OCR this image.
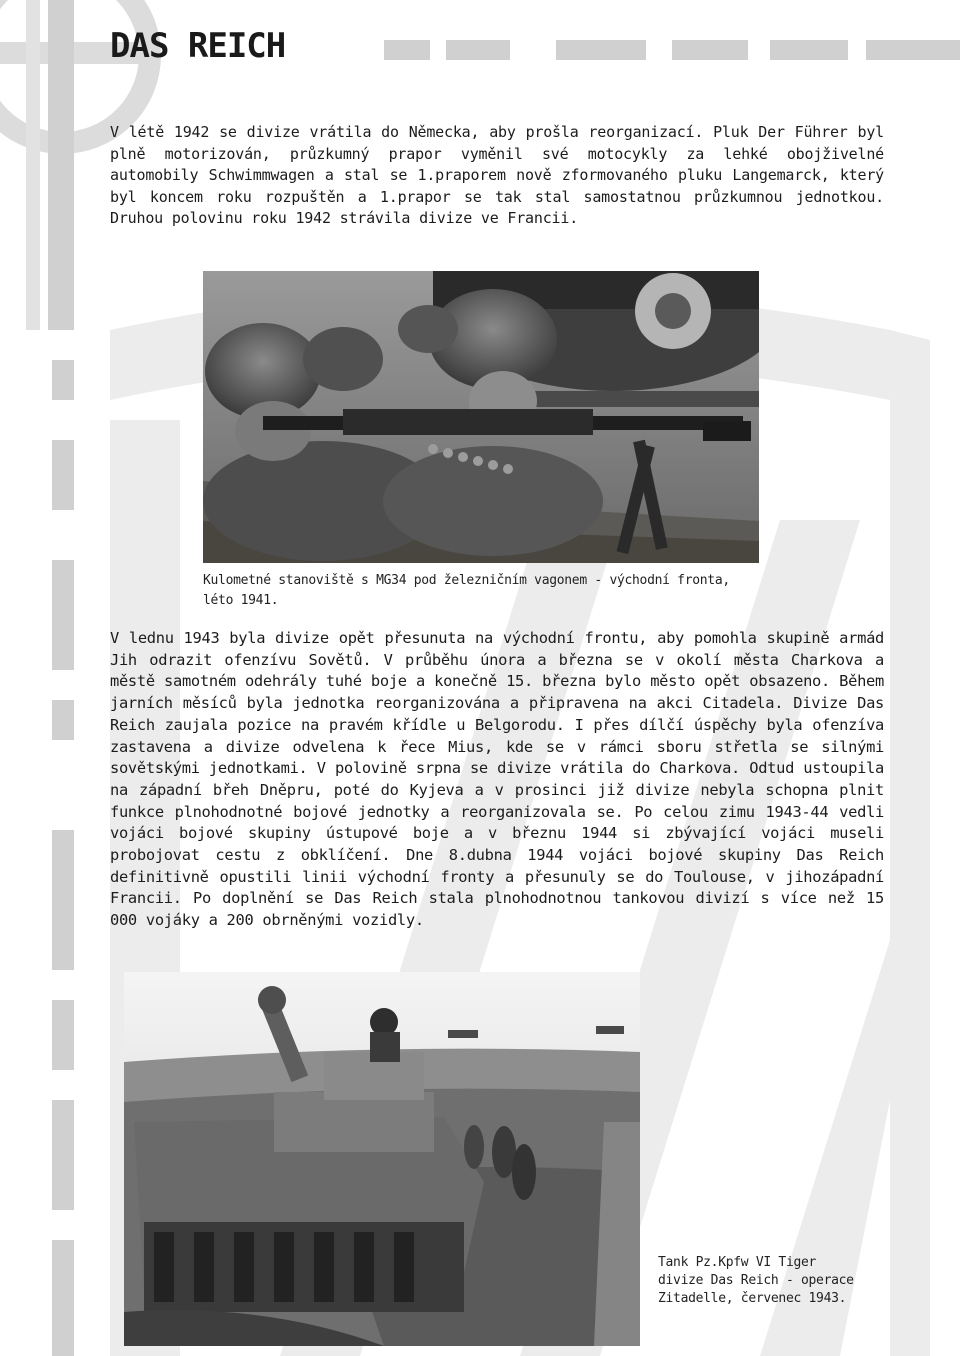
DAS REICH

V létě 1942 se divize vrátila do Německa, aby prošla reorganizací. Pluk Der Führer byl plně motorizován, průzkumný prapor vyměnil své motocykly za lehké obojživelné automobily Schwimmwagen a stal se 1.praporem nově zformovaného pluku Langemarck, který byl koncem roku rozpuštěn a 1.prapor se tak stal samostatnou průzkumnou jednotkou. Druhou polovinu roku 1942 strávila divize ve Francii.

Kulometné stanoviště s MG34 pod železničním vagonem - východní fronta, léto 1941.

V lednu 1943 byla divize opět přesunuta na východní frontu, aby pomohla skupině armád Jih odrazit ofenzívu Sovětů. V průběhu února a března se v okolí města Charkova a městě samotném odehrály tuhé boje a konečně 15. března bylo město opět obsazeno. Během jarních měsíců byla jednotka reorganizována a připravena na akci Citadela. Divize Das Reich zaujala pozice na pravém křídle u Belgorodu. I přes dílčí úspěchy byla ofenzíva zastavena a divize odvelena k řece Mius, kde se v rámci sboru střetla se silnými sovětskými jednotkami. V polovině srpna se divize vrátila do Charkova. Odtud ustoupila na západní břeh Dněpru, poté do Kyjeva a v prosinci již divize nebyla schopna plnit funkce plnohodnotné bojové jednotky a reorganizovala se. Po celou zimu 1943-44 vedli vojáci bojové skupiny ústupové boje a v březnu 1944 si zbývající vojáci museli probojovat cestu z obklíčení. Dne 8.dubna 1944 vojáci bojové skupiny Das Reich definitivně opustili linii východní fronty a přesunuly se do Toulouse, v jihozápadní Francii. Po doplnění se Das Reich stala plnohodnotnou tankovou divizí s více než 15 000 vojáky a 200 obrněnými vozidly.

Tank Pz.Kpfw VI Tiger
divize Das Reich - operace
Zitadelle, červenec 1943.
